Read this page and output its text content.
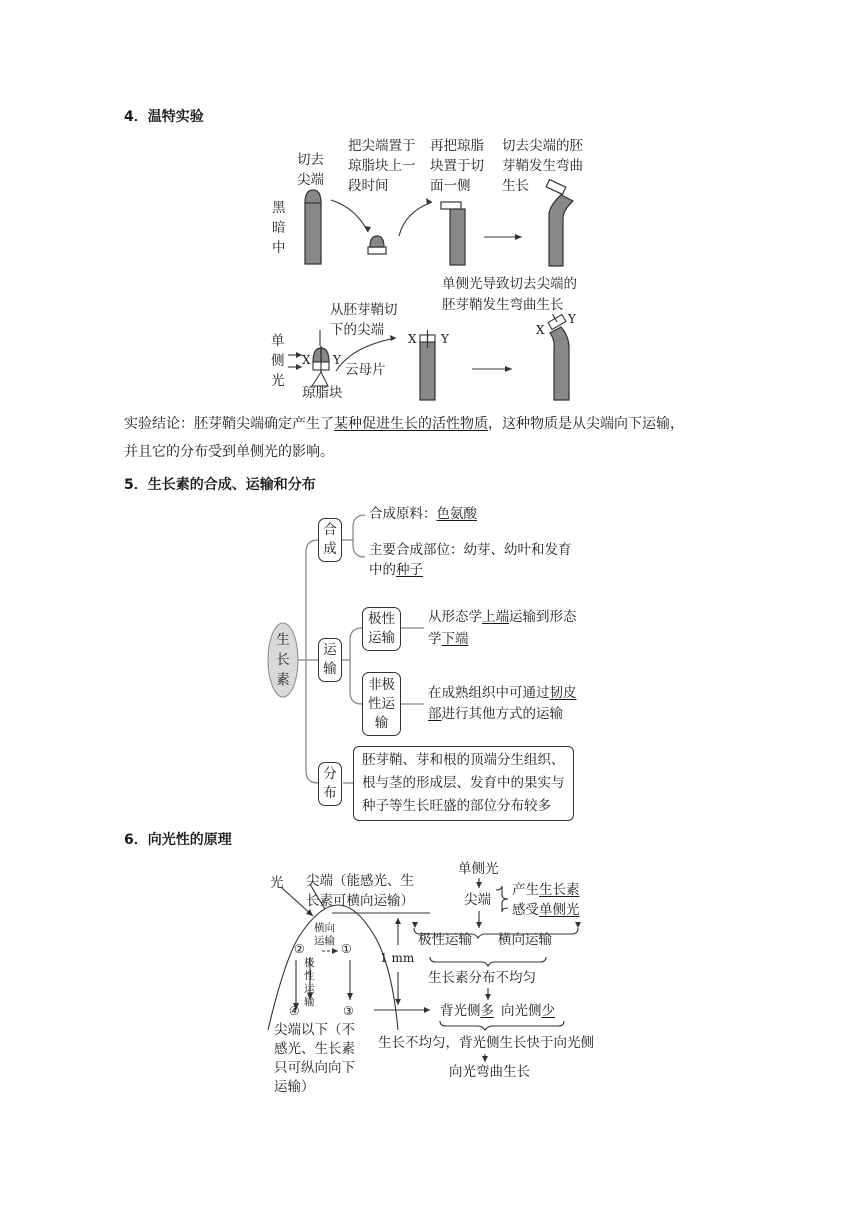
4．温特实验
黑
暗
中
切去
尖端
把尖端置于
琼脂块上一
段时间
再把琼脂
块置于切
面一侧
切去尖端的胚
芽鞘发生弯曲
生长
单侧光导致切去尖端的
胚芽鞘发生弯曲生长
从胚芽鞘切
下的尖端
单
侧
光
X Y
云母片
琼脂块
X Y
X
Y
实验结论：胚芽鞘尖端确定产生了某种促进生长的活性物质，这种物质是从尖端向下运输，
并且它的分布受到单侧光的影响。
5．生长素的合成、运输和分布
合
成
生
长
素
合成原料：色氨酸
主要合成部位：幼芽、幼叶和发育
中的种子
运
输
极性
运输
从形态学上端运输到形态
学下端
非极
性运
输
在成熟组织中可通过韧皮
部进行其他方式的运输
分
布
胚芽鞘、芽和根的顶端分生组织、
根与茎的形成层、发育中的果实与
种子等生长旺盛的部位分布较多
6．向光性的原理
光 尖端（能感光、生
长素可横向运输）
横向
运输
②	①
极
性
运
输
④	③
尖端以下（不
感光、生长素
只可纵向向下
运输）
1 mm
单侧光
尖端
产生生长素
感受单侧光
极性运输 横向运输
生长素分布不均匀
背光侧多 向光侧少
生长不均匀，背光侧生长快于向光侧
向光弯曲生长
